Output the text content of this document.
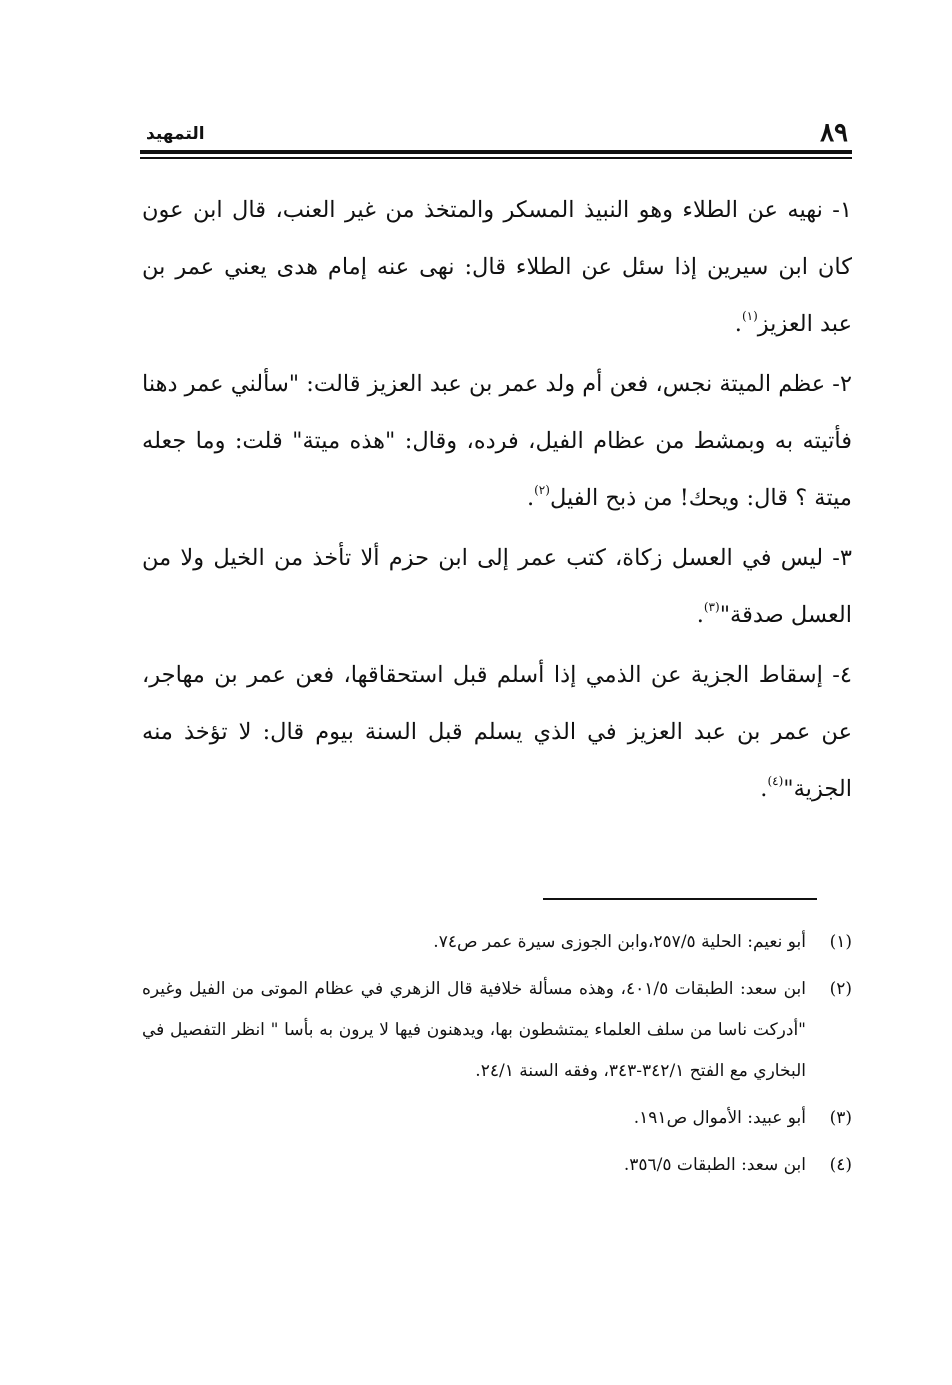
٨٩
التمهيد

١- نهيه عن الطلاء وهو النبيذ المسكر والمتخذ من غير العنب، قال ابن عون كان ابن سيرين إذا سئل عن الطلاء قال: نهى عنه إمام هدى يعني عمر بن عبد العزيز$^{(١)}$.

٢- عظم الميتة نجس، فعن أم ولد عمر بن عبد العزيز قالت: "سألني عمر دهنا فأتيته به وبمشط من عظام الفيل، فرده، وقال: "هذه ميتة" قلت: وما جعله ميتة ؟ قال: ويحك! من ذبح الفيل$^{(٢)}$.

٣- ليس في العسل زكاة، كتب عمر إلى ابن حزم ألا تأخذ من الخيل ولا من العسل صدقة"$^{(٣)}$.

٤- إسقاط الجزية عن الذمي إذا أسلم قبل استحقاقها، فعن عمر بن مهاجر، عن عمر بن عبد العزيز في الذي يسلم قبل السنة بيوم قال: لا تؤخذ منه الجزية"$^{(٤)}$.

(١)
أبو نعيم: الحلية ٢٥٧/٥،وابن الجوزى سيرة عمر ص٧٤.
(٢)
ابن سعد: الطبقات ٤٠١/٥، وهذه مسألة خلافية قال الزهري في عظام الموتى من الفيل وغيره "أدركت ناسا من سلف العلماء يمتشطون بها، ويدهنون فيها لا يرون به بأسا " انظر التفصيل في البخاري مع الفتح ٣٤٢/١-٣٤٣، وفقه السنة ٢٤/١.
(٣)
أبو عبيد: الأموال ص١٩١.
(٤)
ابن سعد: الطبقات ٣٥٦/٥.
